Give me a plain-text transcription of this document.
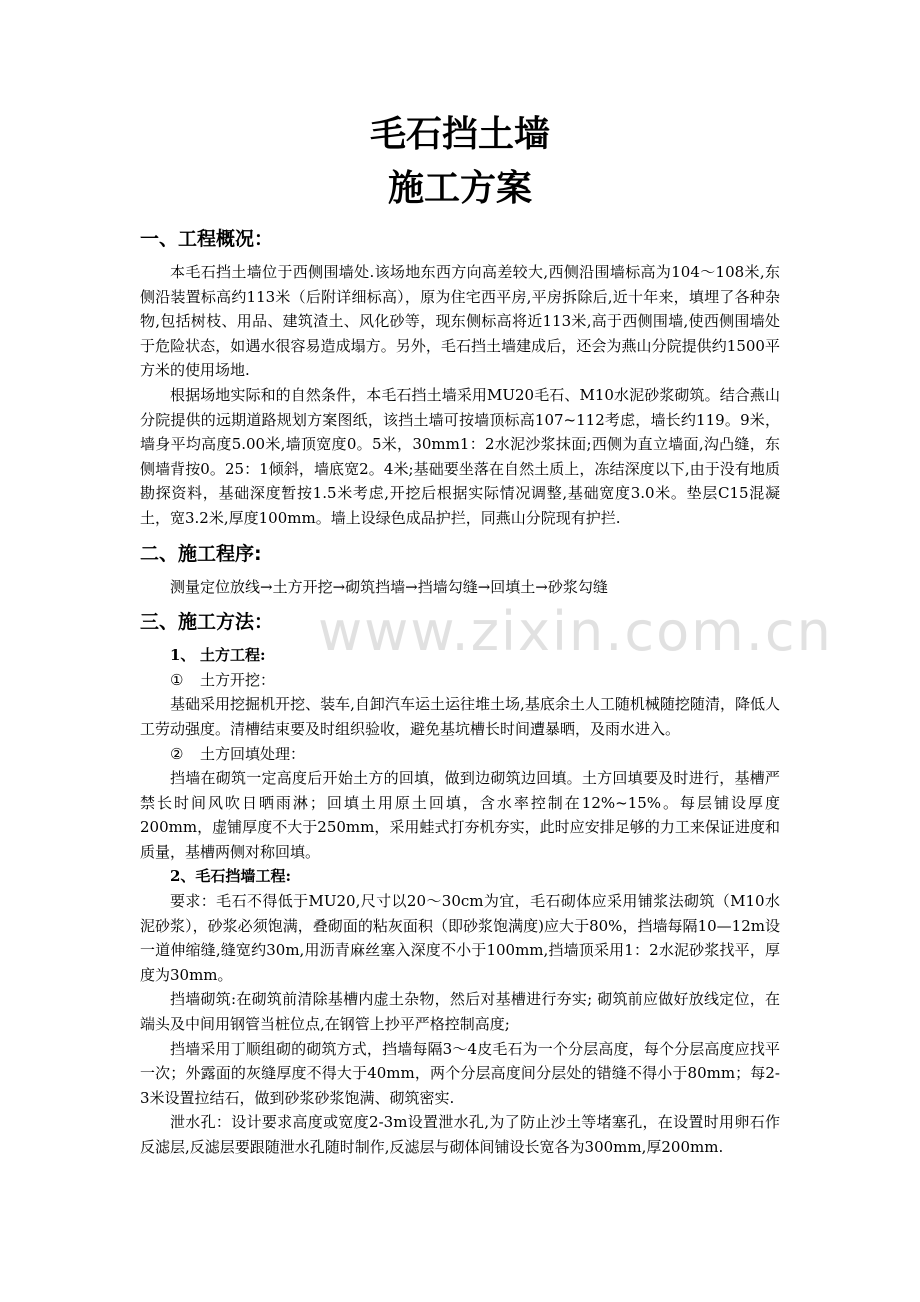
www.zixin.com.cn
毛石挡土墙
施工方案
一、工程概况：

本毛石挡土墙位于西侧围墙处.该场地东西方向高差较大,西侧沿围墙标高为104～108米,东侧沿装置标高约113米（后附详细标高），原为住宅西平房,平房拆除后,近十年来，填埋了各种杂物,包括树枝、用品、建筑渣土、风化砂等，现东侧标高将近113米,高于西侧围墙,使西侧围墙处于危险状态，如遇水很容易造成塌方。另外，毛石挡土墙建成后，还会为燕山分院提供约1500平方米的使用场地.

根据场地实际和的自然条件，本毛石挡土墙采用MU20毛石、M10水泥砂浆砌筑。结合燕山分院提供的远期道路规划方案图纸，该挡土墙可按墙顶标高107~112考虑，墙长约119。9米，墙身平均高度5.00米,墙顶宽度0。5米，30mm1：2水泥沙浆抹面;西侧为直立墙面,沟凸缝，东侧墙背按0。25：1倾斜，墙底宽2。4米;基础要坐落在自然土质上，冻结深度以下,由于没有地质勘探资料，基础深度暂按1.5米考虑,开挖后根据实际情况调整,基础宽度3.0米。垫层C15混凝土，宽3.2米,厚度100mm。墙上设绿色成品护拦，同燕山分院现有护拦.

二、施工程序:

测量定位放线→土方开挖→砌筑挡墙→挡墙勾缝→回填土→砂浆勾缝

三、施工方法：

1、 土方工程:

① 土方开挖：

基础采用挖掘机开挖、装车,自卸汽车运土运往堆土场,基底余土人工随机械随挖随清，降低人工劳动强度。清槽结束要及时组织验收，避免基坑槽长时间遭暴晒，及雨水进入。

② 土方回填处理：

挡墙在砌筑一定高度后开始土方的回填，做到边砌筑边回填。土方回填要及时进行，基槽严禁长时间风吹日晒雨淋；回填土用原土回填，含水率控制在12%~15%。每层铺设厚度200mm，虚铺厚度不大于250mm，采用蛙式打夯机夯实，此时应安排足够的力工来保证进度和质量，基槽两侧对称回填。

2、毛石挡墙工程:

要求：毛石不得低于MU20,尺寸以20～30cm为宜，毛石砌体应采用铺浆法砌筑（M10水泥砂浆），砂浆必须饱满，叠砌面的粘灰面积（即砂浆饱满度)应大于80%，挡墙每隔10—12m设一道伸缩缝,缝宽约30m,用沥青麻丝塞入深度不小于100mm,挡墙顶采用1：2水泥砂浆找平，厚度为30mm。

挡墙砌筑:在砌筑前清除基槽内虚土杂物，然后对基槽进行夯实; 砌筑前应做好放线定位，在端头及中间用钢管当桩位点,在钢管上抄平严格控制高度;

挡墙采用丁顺组砌的砌筑方式，挡墙每隔3～4皮毛石为一个分层高度，每个分层高度应找平一次；外露面的灰缝厚度不得大于40mm，两个分层高度间分层处的错缝不得小于80mm；每2-3米设置拉结石，做到砂浆砂浆饱满、砌筑密实.

泄水孔：设计要求高度或宽度2-3m设置泄水孔,为了防止沙土等堵塞孔，在设置时用卵石作反滤层,反滤层要跟随泄水孔随时制作,反滤层与砌体间铺设长宽各为300mm,厚200mm.
